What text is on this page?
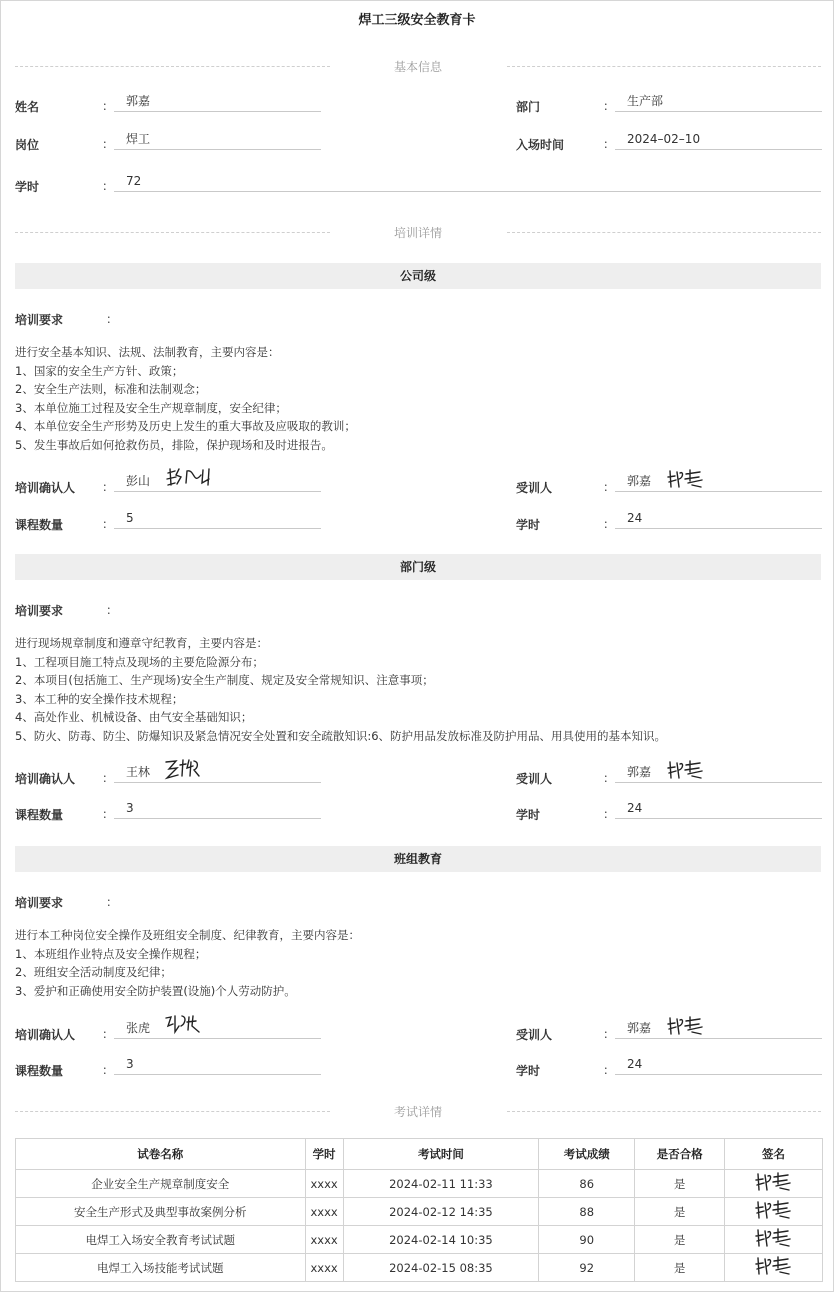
焊工三级安全教育卡
基本信息
姓名	： 郭嘉	部门	： 生产部
岗位	： 焊工	入场时间	： 2024–02–10
学时	： 72
培训详情
公司级
培训要求	：
进行安全基本知识、法规、法制教育，主要内容是：
1、国家的安全生产方针、政策；
2、安全生产法则，标准和法制观念；
3、本单位施工过程及安全生产规章制度，安全纪律；
4、本单位安全生产形势及历史上发生的重大事故及应吸取的教训；
5、发生事故后如何抢救伤员，排险，保护现场和及时进报告。
培训确认人 ： 彭山	受训人	： 郭嘉
课程数量	： 5	学时	： 24
部门级
培训要求	：
进行现场规章制度和遵章守纪教育，主要内容是：
1、工程项目施工特点及现场的主要危险源分布；
2、本项目(包括施工、生产现场)安全生产制度、规定及安全常规知识、注意事项；
3、本工种的安全操作技术规程；
4、高处作业、机械设备、由气安全基础知识；
5、防火、防毒、防尘、防爆知识及紧急情况安全处置和安全疏散知识:6、防护用品发放标准及防护用品、用具使用的基本知识。
培训确认人 ： 王林	受训人	： 郭嘉
课程数量	： 3	学时	： 24
班组教育
培训要求	：
进行本工种岗位安全操作及班组安全制度、纪律教育，主要内容是：
1、本班组作业特点及安全操作规程；
2、班组安全活动制度及纪律；
3、爱护和正确使用安全防护装置(设施)个人劳动防护。
培训确认人 ： 张虎	受训人	： 郭嘉
课程数量	： 3	学时	： 24
考试详情
试卷名称	学时	考试时间	考试成绩	是否合格	签名
企业安全生产规章制度安全	xxxx	2024-02-11 11:33	86	是	
安全生产形式及典型事故案例分析	xxxx	2024-02-12 14:35	88	是	
电焊工入场安全教育考试试题	xxxx	2024-02-14 10:35	90	是	
电焊工入场技能考试试题	xxxx	2024-02-15 08:35	92	是	
